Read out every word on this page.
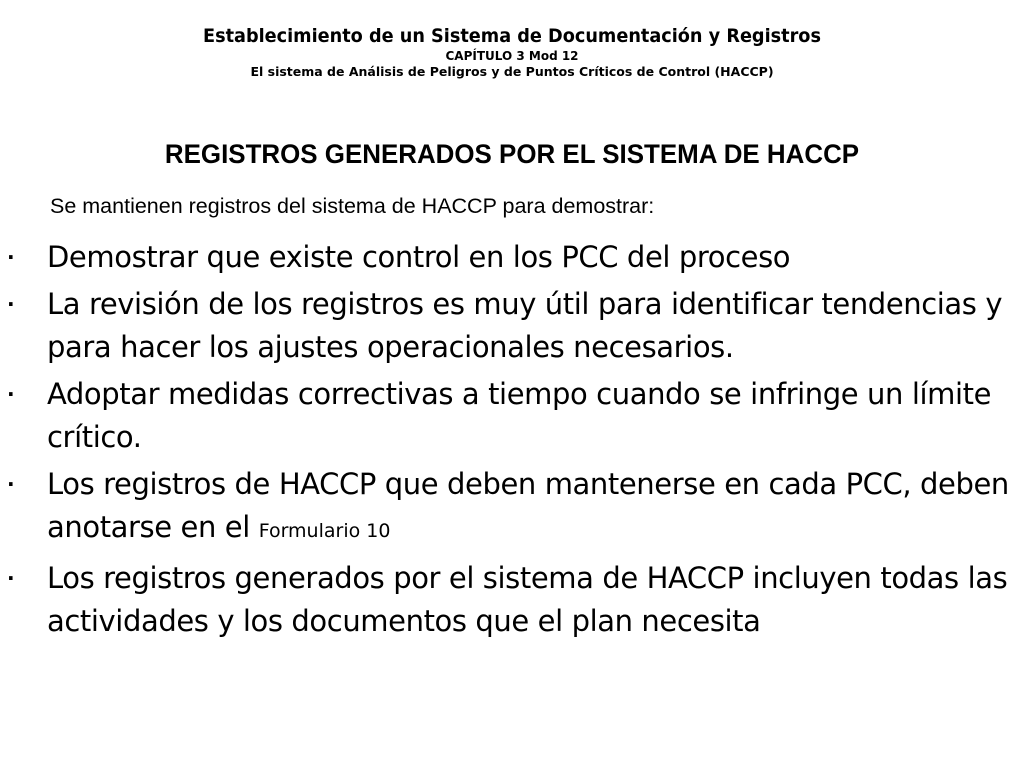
Establecimiento de un Sistema de Documentación y Registros
CAPÍTULO 3 Mod 12
El sistema de Análisis de Peligros y de Puntos Críticos de Control (HACCP)
REGISTROS GENERADOS POR EL SISTEMA DE HACCP
Se mantienen registros del sistema de HACCP para demostrar:
· Demostrar que existe control en los PCC del proceso
· La revisión de los registros es muy útil para identificar tendencias y para hacer los ajustes operacionales necesarios.
· Adoptar medidas correctivas a tiempo cuando se infringe un límite crítico.
· Los registros de HACCP que deben mantenerse en cada PCC, deben anotarse en el Formulario 10
· Los registros generados por el sistema de HACCP incluyen todas las actividades y los documentos que el plan necesita
